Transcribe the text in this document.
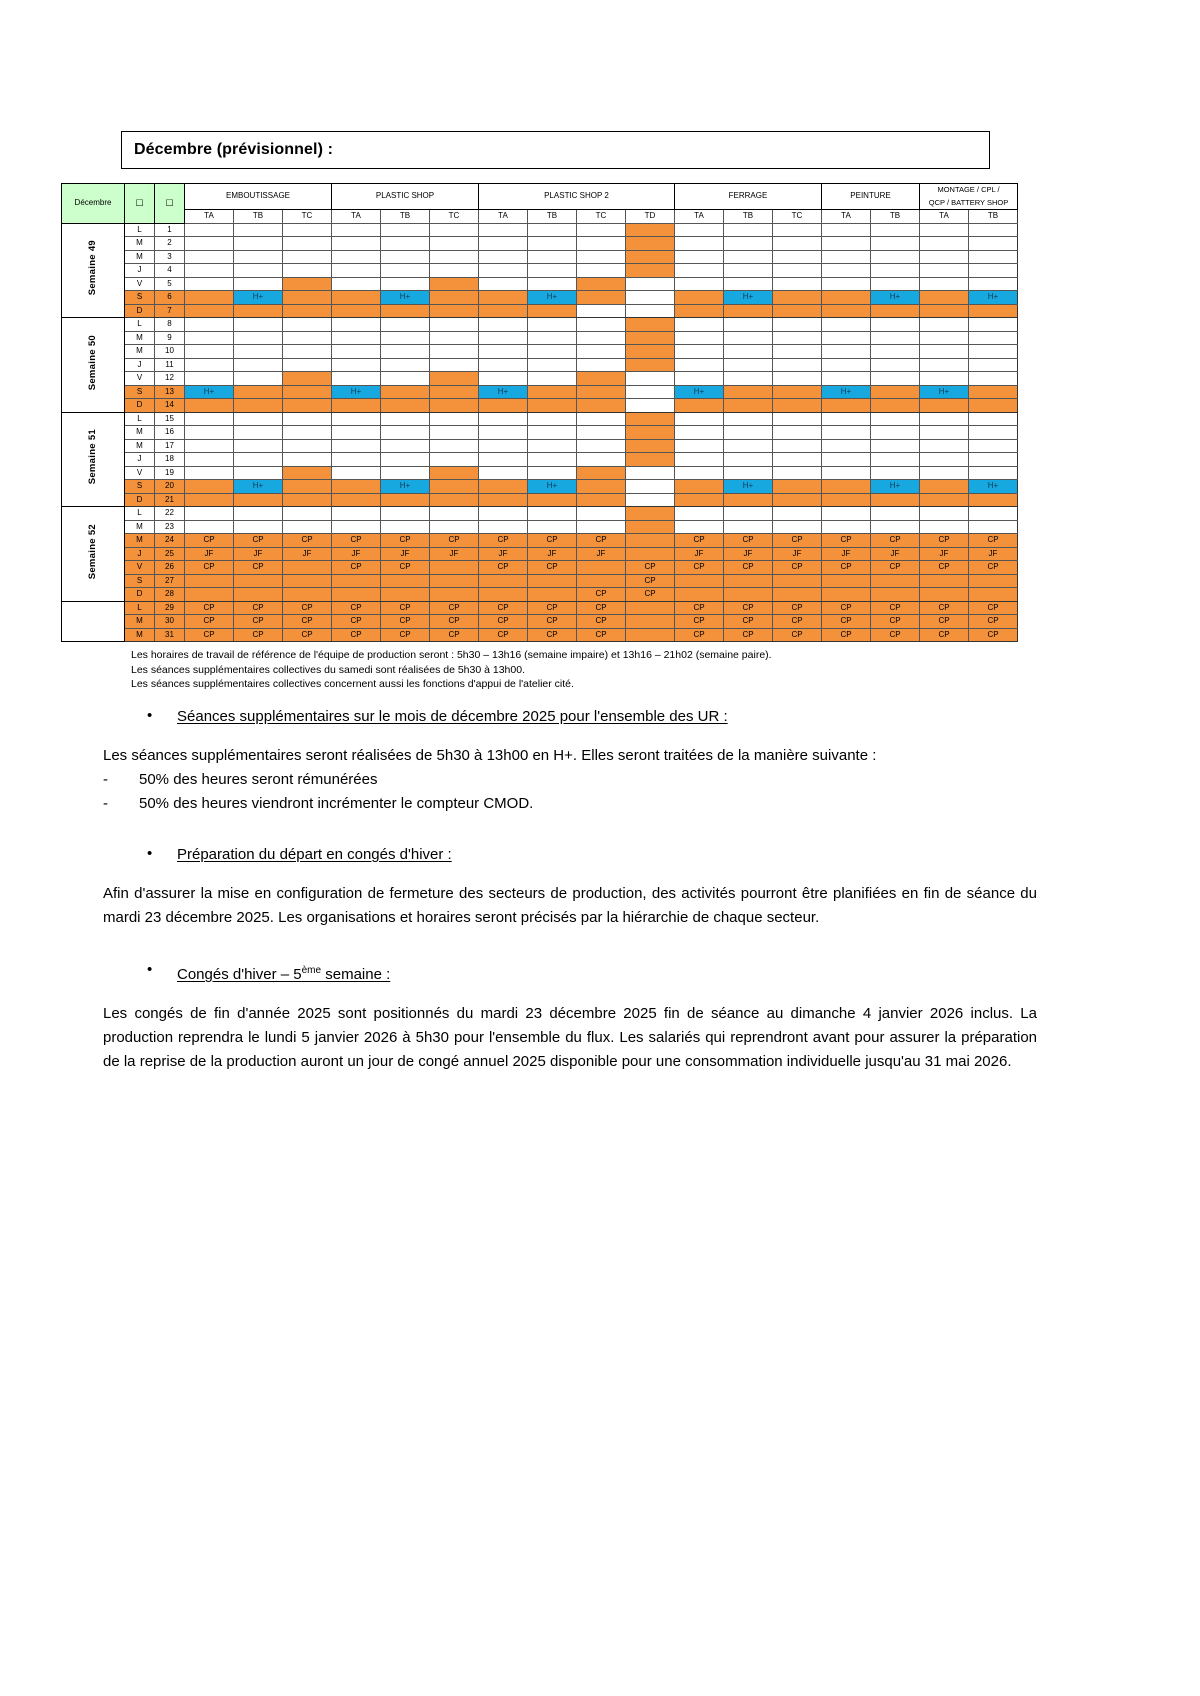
Décembre (prévisionnel) :
Décembre	☐	☐	EMBOUTISSAGE			PLASTIC SHOP			PLASTIC SHOP 2				FERRAGE			PEINTURE		MONTAGE / CPL /
QCP / BATTERY SHOP	
			TA	TB	TC	TA	TB	TC	TA	TB	TC	TD	TA	TB	TC	TA	TB	TA	TB
Semaine 49	L	1																	
	M	2																	
	M	3																	
	J	4																	
	V	5																	
	S	6		H+			H+			H+				H+			H+		H+
	D	7																	
Semaine 50	L	8																	
	M	9																	
	M	10																	
	J	11																	
	V	12																	
	S	13	H+			H+			H+				H+			H+		H+	
	D	14																	
Semaine 51	L	15																	
	M	16																	
	M	17																	
	J	18																	
	V	19																	
	S	20		H+			H+			H+				H+			H+		H+
	D	21																	
Semaine 52	L	22																	
	M	23																	
	M	24	CP	CP	CP	CP	CP	CP	CP	CP	CP		CP	CP	CP	CP	CP	CP	CP
	J	25	JF	JF	JF	JF	JF	JF	JF	JF	JF		JF	JF	JF	JF	JF	JF	JF
	V	26	CP	CP		CP	CP		CP	CP		CP	CP	CP	CP	CP	CP	CP	CP
	S	27										CP							
	D	28									CP	CP							
	L	29	CP	CP	CP	CP	CP	CP	CP	CP	CP		CP	CP	CP	CP	CP	CP	CP
	M	30	CP	CP	CP	CP	CP	CP	CP	CP	CP		CP	CP	CP	CP	CP	CP	CP
	M	31	CP	CP	CP	CP	CP	CP	CP	CP	CP		CP	CP	CP	CP	CP	CP	CP

Les horaires de travail de référence de l'équipe de production seront : 5h30 – 13h16 (semaine impaire) et 13h16 – 21h02 (semaine paire).

Les séances supplémentaires collectives du samedi sont réalisées de 5h30 à 13h00.

Les séances supplémentaires collectives concernent aussi les fonctions d'appui de l'atelier cité.

• Séances supplémentaires sur le mois de décembre 2025 pour l'ensemble des UR :

Les séances supplémentaires seront réalisées de 5h30 à 13h00 en H+. Elles seront traitées de la manière suivante :

- 50% des heures seront rémunérées

- 50% des heures viendront incrémenter le compteur CMOD.

• Préparation du départ en congés d'hiver :

Afin d'assurer la mise en configuration de fermeture des secteurs de production, des activités pourront être planifiées en fin de séance du mardi 23 décembre 2025. Les organisations et horaires seront précisés par la hiérarchie de chaque secteur.

• Congés d'hiver – 5ème semaine :

Les congés de fin d'année 2025 sont positionnés du mardi 23 décembre 2025 fin de séance au dimanche 4 janvier 2026 inclus. La production reprendra le lundi 5 janvier 2026 à 5h30 pour l'ensemble du flux. Les salariés qui reprendront avant pour assurer la préparation de la reprise de la production auront un jour de congé annuel 2025 disponible pour une consommation individuelle jusqu'au 31 mai 2026.
